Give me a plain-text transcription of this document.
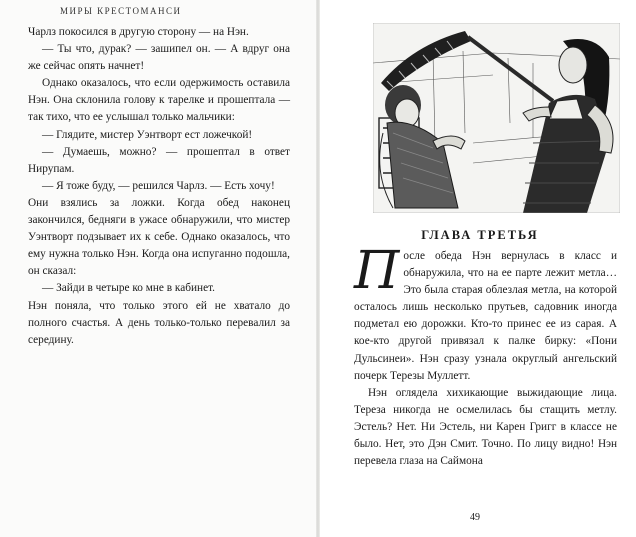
МИРЫ КРЕСТОМАНСИ

Чарлз покосился в другую сторону — на Нэн.

— Ты что, дурак? — зашипел он. — А вдруг она же сейчас опять начнет!

Однако оказалось, что если одержимость оставила Нэн. Она склонила голову к тарелке и прошептала — так тихо, что ее услышал только мальчики:

— Глядите, мистер Уэнтворт ест ложечкой!

— Думаешь, можно? — прошептал в ответ Нирупам.

— Я тоже буду, — решился Чарлз. — Есть хочу!

Они взялись за ложки. Когда обед наконец закончился, бедняги в ужасе обнаружили, что мистер Уэнтворт подзывает их к себе. Однако оказалось, что ему нужна только Нэн. Когда она испуганно подошла, он сказал:

— Зайди в четыре ко мне в кабинет.

Нэн поняла, что только этого ей не хватало до полного счастья. А день только-только перевалил за середину.

ГЛАВА ТРЕТЬЯ

После обеда Нэн вернулась в класс и обнаружила, что на ее парте лежит метла… Это была старая облезлая метла, на которой осталось лишь несколько прутьев, садовник иногда подметал ею дорожки. Кто-то принес ее из сарая. А кое-кто другой привязал к палке бирку: «Пони Дульсинеи». Нэн сразу узнала округлый ангельский почерк Терезы Муллетт.

Нэн оглядела хихикающие выжидающие лица. Тереза никогда не осмелилась бы стащить метлу. Эстель? Нет. Ни Эстель, ни Карен Григг в классе не было. Нет, это Дэн Смит. Точно. По лицу видно! Нэн перевела глаза на Саймона

49
